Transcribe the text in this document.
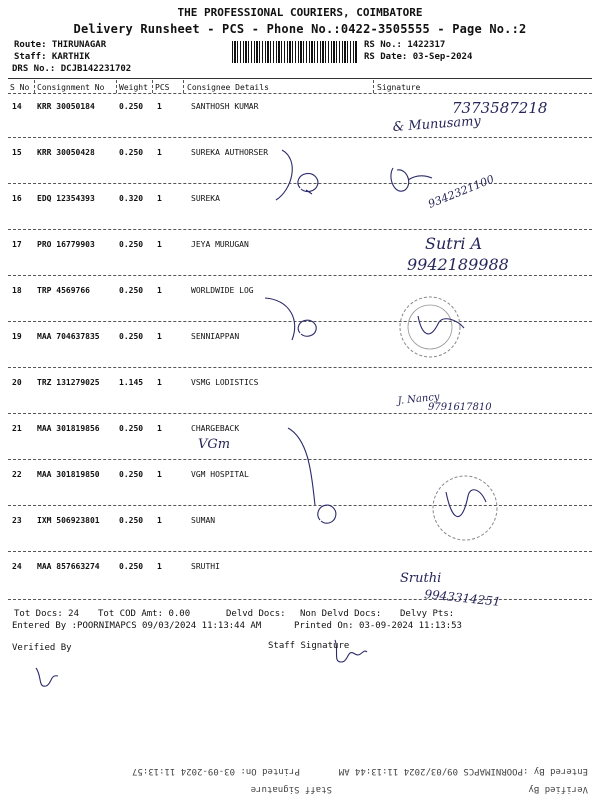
THE PROFESSIONAL COURIERS, COIMBATORE
Delivery Runsheet - PCS - Phone No.:0422-3505555 - Page No.:2
Route: THIRUNAGAR
Staff: KARTHIK
DRS No.: DCJB142231702
RS No.: 1422317
RS Date: 03-Sep-2024
S No Consignment No Weight PCS Consignee Details	Signature
14 KRR 30050184	0.250 1	SANTHOSH KUMAR
15 KRR 30050428	0.250 1	SUREKA AUTHORSER
16 EDQ 12354393	0.320 1	SUREKA
17 PRO 16779903	0.250 1	JEYA MURUGAN
18 TRP 4569766	0.250 1	WORLDWIDE LOG
19 MAA 704637835 0.250 1	SENNIAPPAN
20 TRZ 131279025 1.145 1	VSMG LODISTICS
21 MAA 301819856 0.250 1	CHARGEBACK
22 MAA 301819850 0.250 1	VGM HOSPITAL
23 IXM 506923801 0.250 1	SUMAN
24 MAA 857663274 0.250 1	SRUTHI
7373587218
& Munusamy
9342321100
Sutri A
9942189988
J. Nancy
9791617810
VGm
Sruthi
9943314251
Tot Docs: 24 Tot COD Amt: 0.00	Delvd Docs: Non Delvd Docs: Delvy Pts:
Entered By :POORNIMAPCS 09/03/2024 11:13:44 AM	Printed On: 03-09-2024 11:13:53
Verified By	Staff Signature
Verified By
Staff Signature
Entered By :POORNIMAPCS 09/03/2024 11:13:44 AM
Printed On: 03-09-2024 11:13:57
